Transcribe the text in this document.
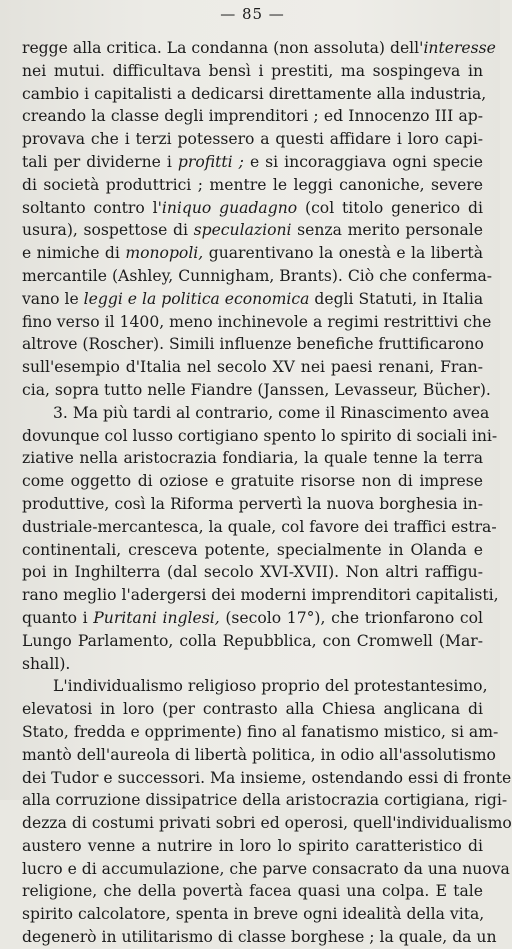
— 85 —
regge alla critica. La condanna (non assoluta) dell'interesse
nei mutui. difficultava bensì i prestiti, ma sospingeva in
cambio i capitalisti a dedicarsi direttamente alla industria,
creando la classe degli imprenditori ; ed Innocenzo III ap-
provava che i terzi potessero a questi affidare i loro capi-
tali per dividerne i profitti ; e si incoraggiava ogni specie
di società produttrici ; mentre le leggi canoniche, severe
soltanto contro l'iniquo guadagno (col titolo generico di
usura), sospettose di speculazioni senza merito personale
e nimiche di monopoli, guarentivano la onestà e la libertà
mercantile (Ashley, Cunnigham, Brants). Ciò che conferma-
vano le leggi e la politica economica degli Statuti, in Italia
fino verso il 1400, meno inchinevole a regimi restrittivi che
altrove (Roscher). Simili influenze benefiche fruttificarono
sull'esempio d'Italia nel secolo XV nei paesi renani, Fran-
cia, sopra tutto nelle Fiandre (Janssen, Levasseur, Bücher).
3. Ma più tardi al contrario, come il Rinascimento avea
dovunque col lusso cortigiano spento lo spirito di sociali ini-
ziative nella aristocrazia fondiaria, la quale tenne la terra
come oggetto di oziose e gratuite risorse non di imprese
produttive, così la Riforma pervertì la nuova borghesia in-
dustriale-mercantesca, la quale, col favore dei traffici estra-
continentali, cresceva potente, specialmente in Olanda e
poi in Inghilterra (dal secolo XVI-XVII). Non altri raffigu-
rano meglio l'adergersi dei moderni imprenditori capitalisti,
quanto i Puritani inglesi, (secolo 17°), che trionfarono col
Lungo Parlamento, colla Repubblica, con Cromwell (Mar-
shall).
L'individualismo religioso proprio del protestantesimo,
elevatosi in loro (per contrasto alla Chiesa anglicana di
Stato, fredda e opprimente) fino al fanatismo mistico, si am-
mantò dell'aureola di libertà politica, in odio all'assolutismo
dei Tudor e successori. Ma insieme, ostendando essi di fronte
alla corruzione dissipatrice della aristocrazia cortigiana, rigi-
dezza di costumi privati sobri ed operosi, quell'individualismo
austero venne a nutrire in loro lo spirito caratteristico di
lucro e di accumulazione, che parve consacrato da una nuova
religione, che della povertà facea quasi una colpa. E tale
spirito calcolatore, spenta in breve ogni idealità della vita,
degenerò in utilitarismo di classe borghese ; la quale, da un
